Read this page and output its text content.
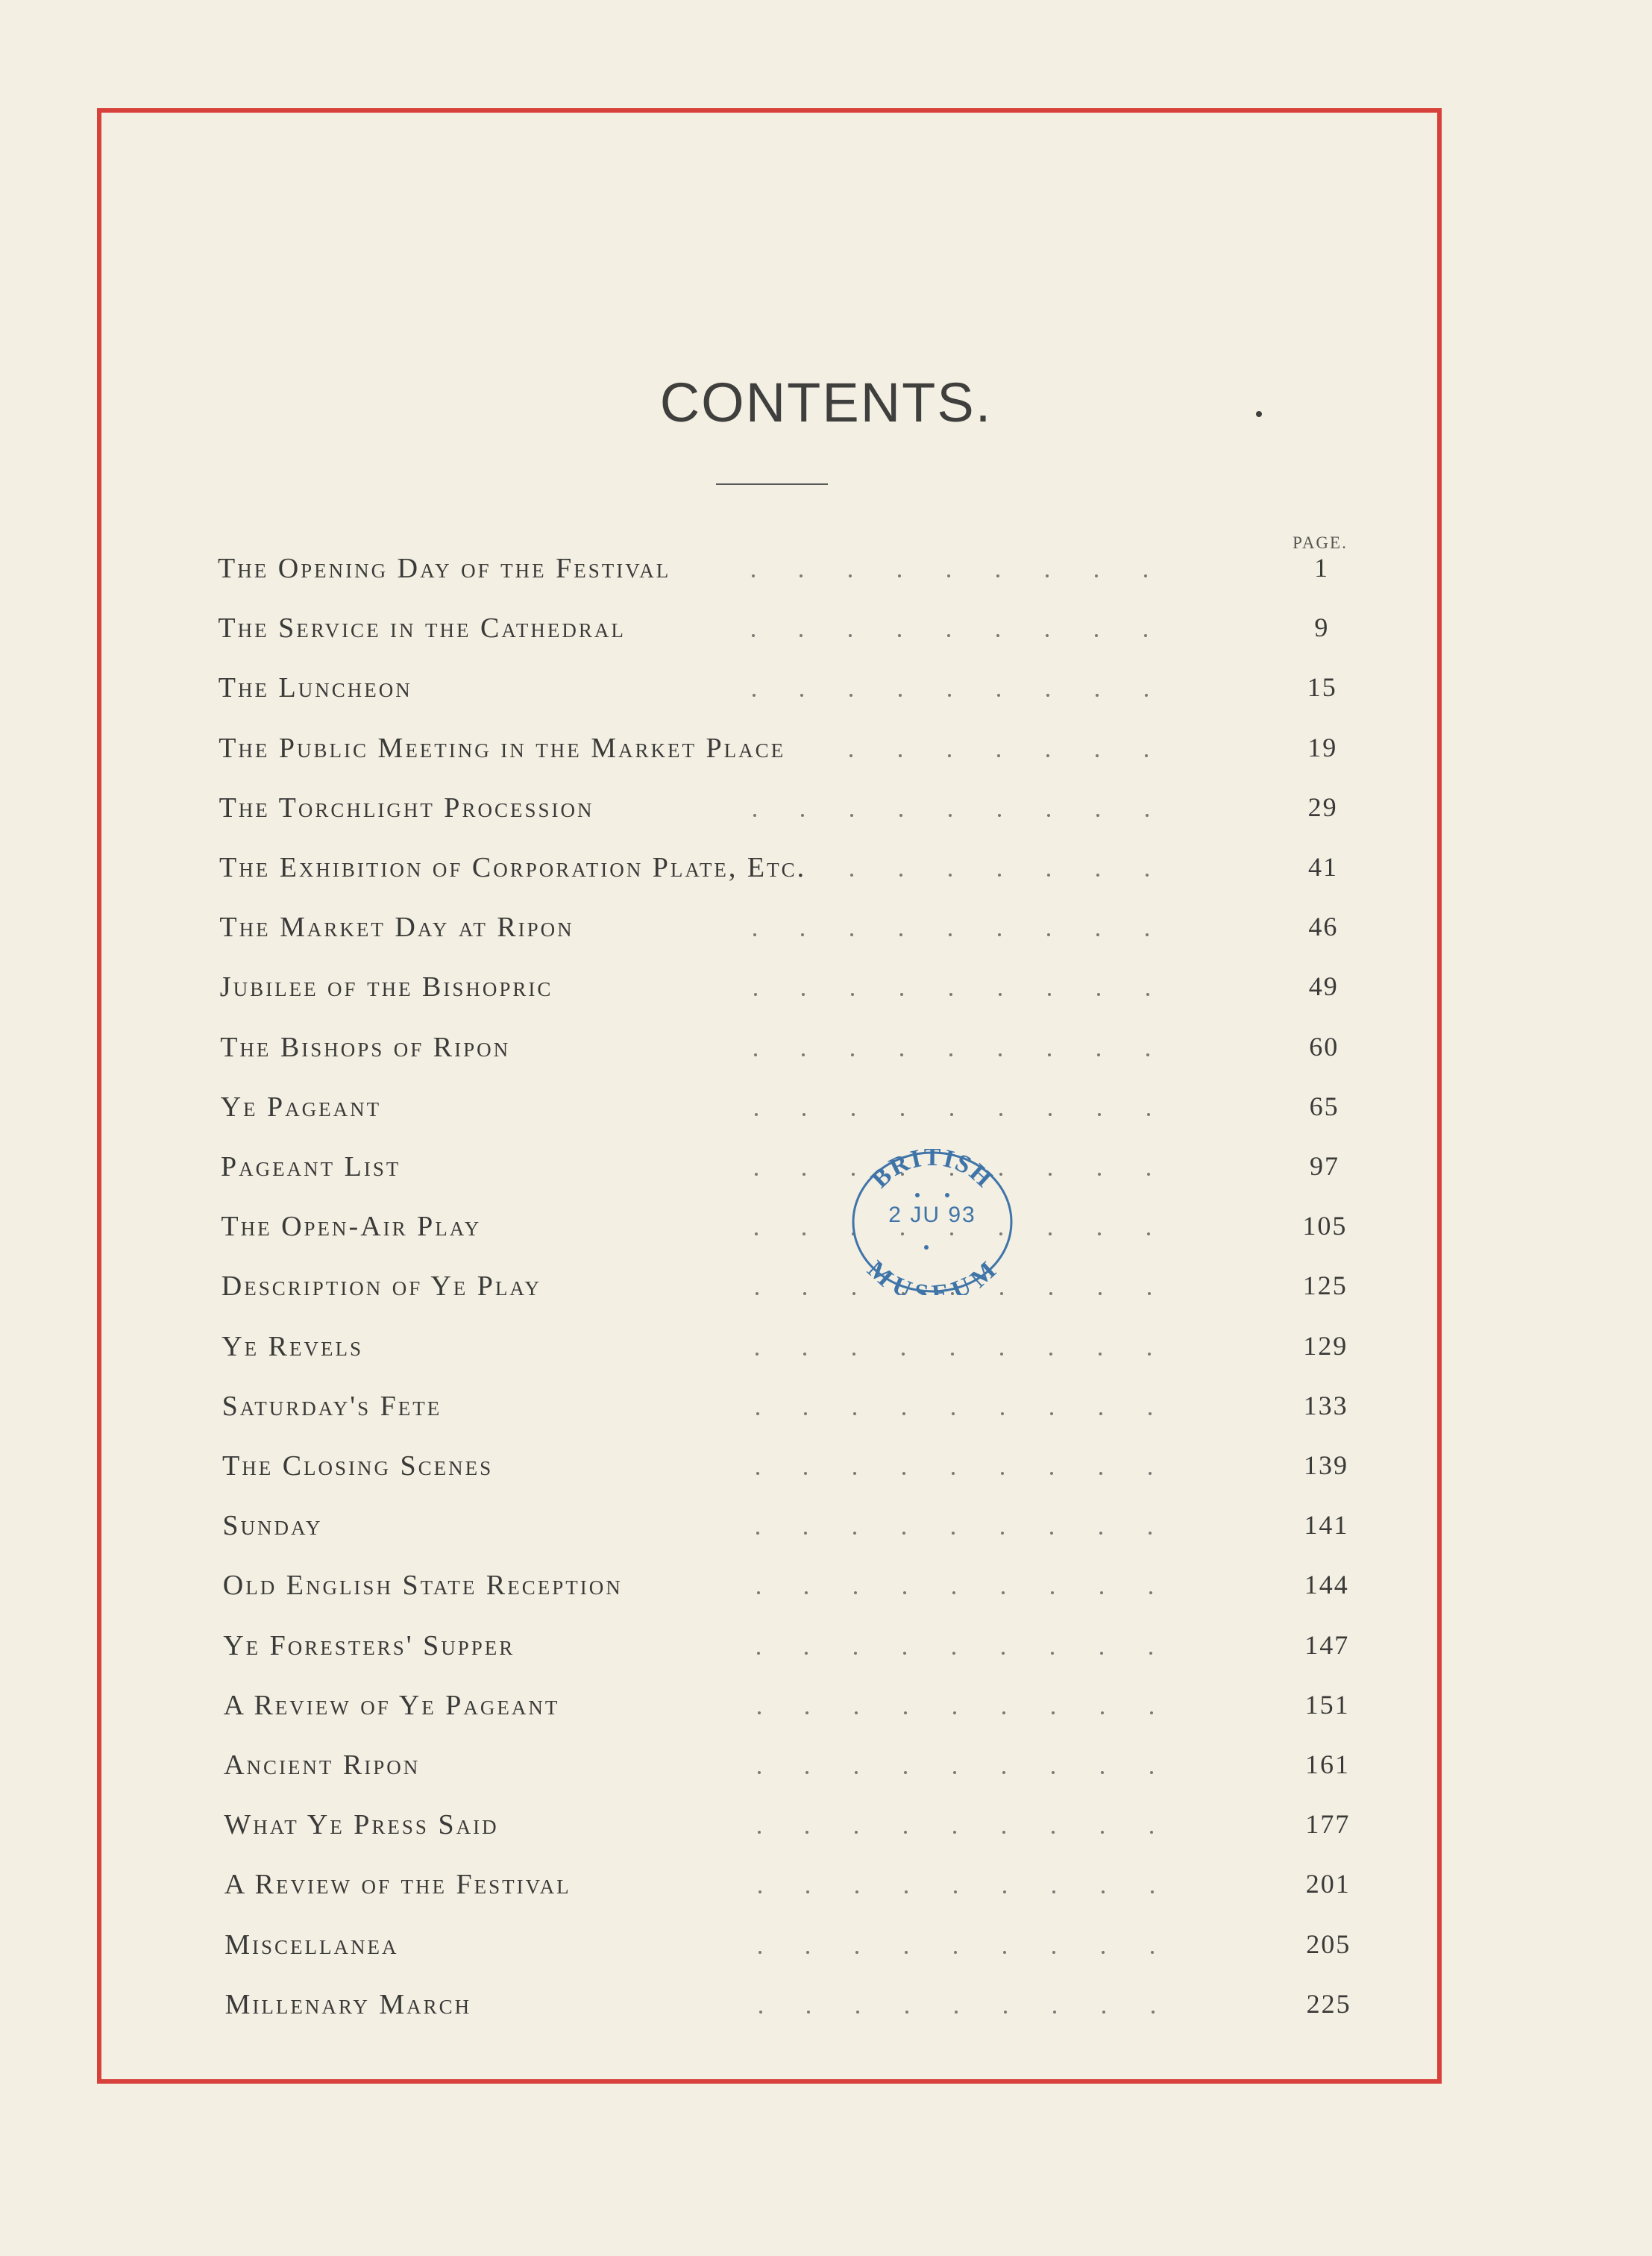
CONTENTS.
PAGE.
The Opening Day of the Festival	1
The Service in the Cathedral	9
The Luncheon	15
The Public Meeting in the Market Place	19
The Torchlight Procession	29
The Exhibition of Corporation Plate, Etc.	41
The Market Day at Ripon	46
Jubilee of the Bishopric	49
The Bishops of Ripon	60
Ye Pageant	65
Pageant List	97
The Open-Air Play	105
Description of Ye Play	125
Ye Revels	129
Saturday's Fete	133
The Closing Scenes	139
Sunday	141
Old English State Reception	144
Ye Foresters' Supper	147
A Review of Ye Pageant	151
Ancient Ripon	161
What Ye Press Said	177
A Review of the Festival	201
Miscellanea	205
Millenary March	225
BRITISH
MUSEUM
2 JU 93
